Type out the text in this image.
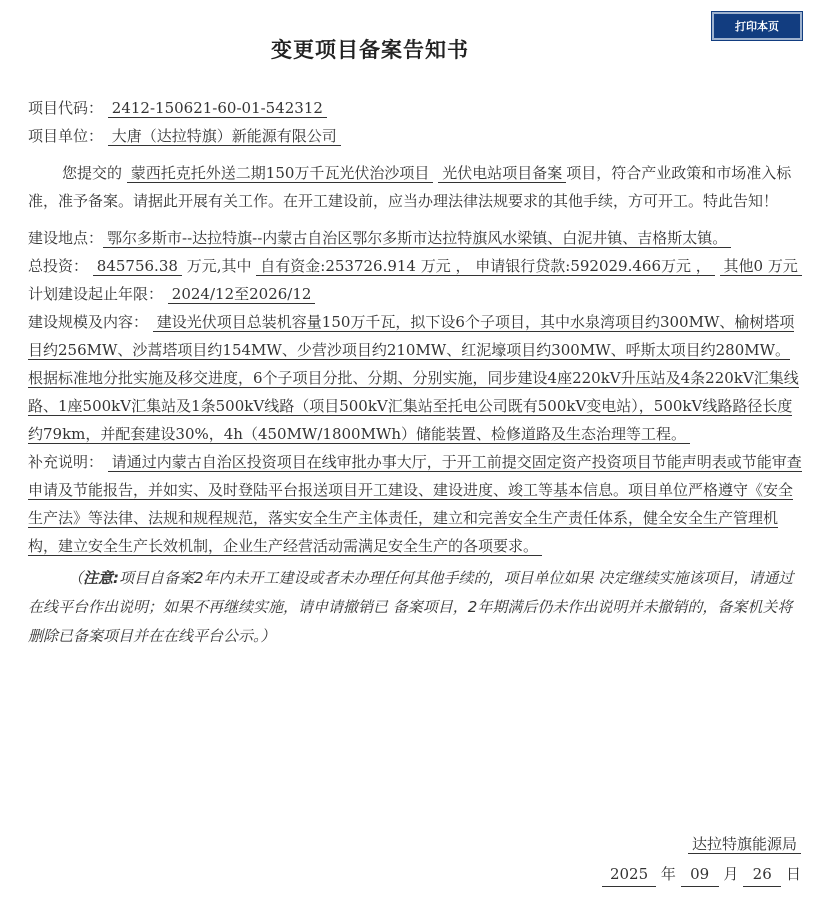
打印本页
变更项目备案告知书
项目代码： 2412-150621-60-01-542312
项目单位： 大唐（达拉特旗）新能源有限公司
您提交的 蒙西托克托外送二期150万千瓦光伏治沙项目 光伏电站项目备案 项目，符合产业政策和市场准入标准，准予备案。请据此开展有关工作。在开工建设前，应当办理法律法规要求的其他手续，方可开工。特此告知！
建设地点： 鄂尔多斯市--达拉特旗--内蒙古自治区鄂尔多斯市达拉特旗风水梁镇、白泥井镇、吉格斯太镇。
总投资： 845756.38 万元,其中 自有资金:253726.914 万元 ， 申请银行贷款:592029.466万元 ， 其他0 万元
计划建设起止年限： 2024/12至2026/12
建设规模及内容： 建设光伏项目总装机容量150万千瓦，拟下设6个子项目，其中水泉湾项目约300MW、榆树塔项目约256MW、沙蒿塔项目约154MW、少营沙项目约210MW、红泥壕项目约300MW、呼斯太项目约280MW。根据标准地分批实施及移交进度，6个子项目分批、分期、分别实施，同步建设4座220kV升压站及4条220kV汇集线路、1座500kV汇集站及1条500kV线路（项目500kV汇集站至托电公司既有500kV变电站），500kV线路路径长度约79km，并配套建设30%，4h（450MW/1800MWh）储能装置、检修道路及生态治理等工程。
补充说明： 请通过内蒙古自治区投资项目在线审批办事大厅，于开工前提交固定资产投资项目节能声明表或节能审查申请及节能报告，并如实、及时登陆平台报送项目开工建设、建设进度、竣工等基本信息。项目单位严格遵守《安全生产法》等法律、法规和规程规范，落实安全生产主体责任，建立和完善安全生产责任体系，健全安全生产管理机构，建立安全生产长效机制，企业生产经营活动需满足安全生产的各项要求。
（注意:项目自备案2年内未开工建设或者未办理任何其他手续的，项目单位如果 决定继续实施该项目，请通过在线平台作出说明；如果不再继续实施，请申请撤销已 备案项目，2年期满后仍未作出说明并未撤销的，备案机关将删除已备案项目并在在线平台公示。）
达拉特旗能源局
2025 年 09 月 26 日
